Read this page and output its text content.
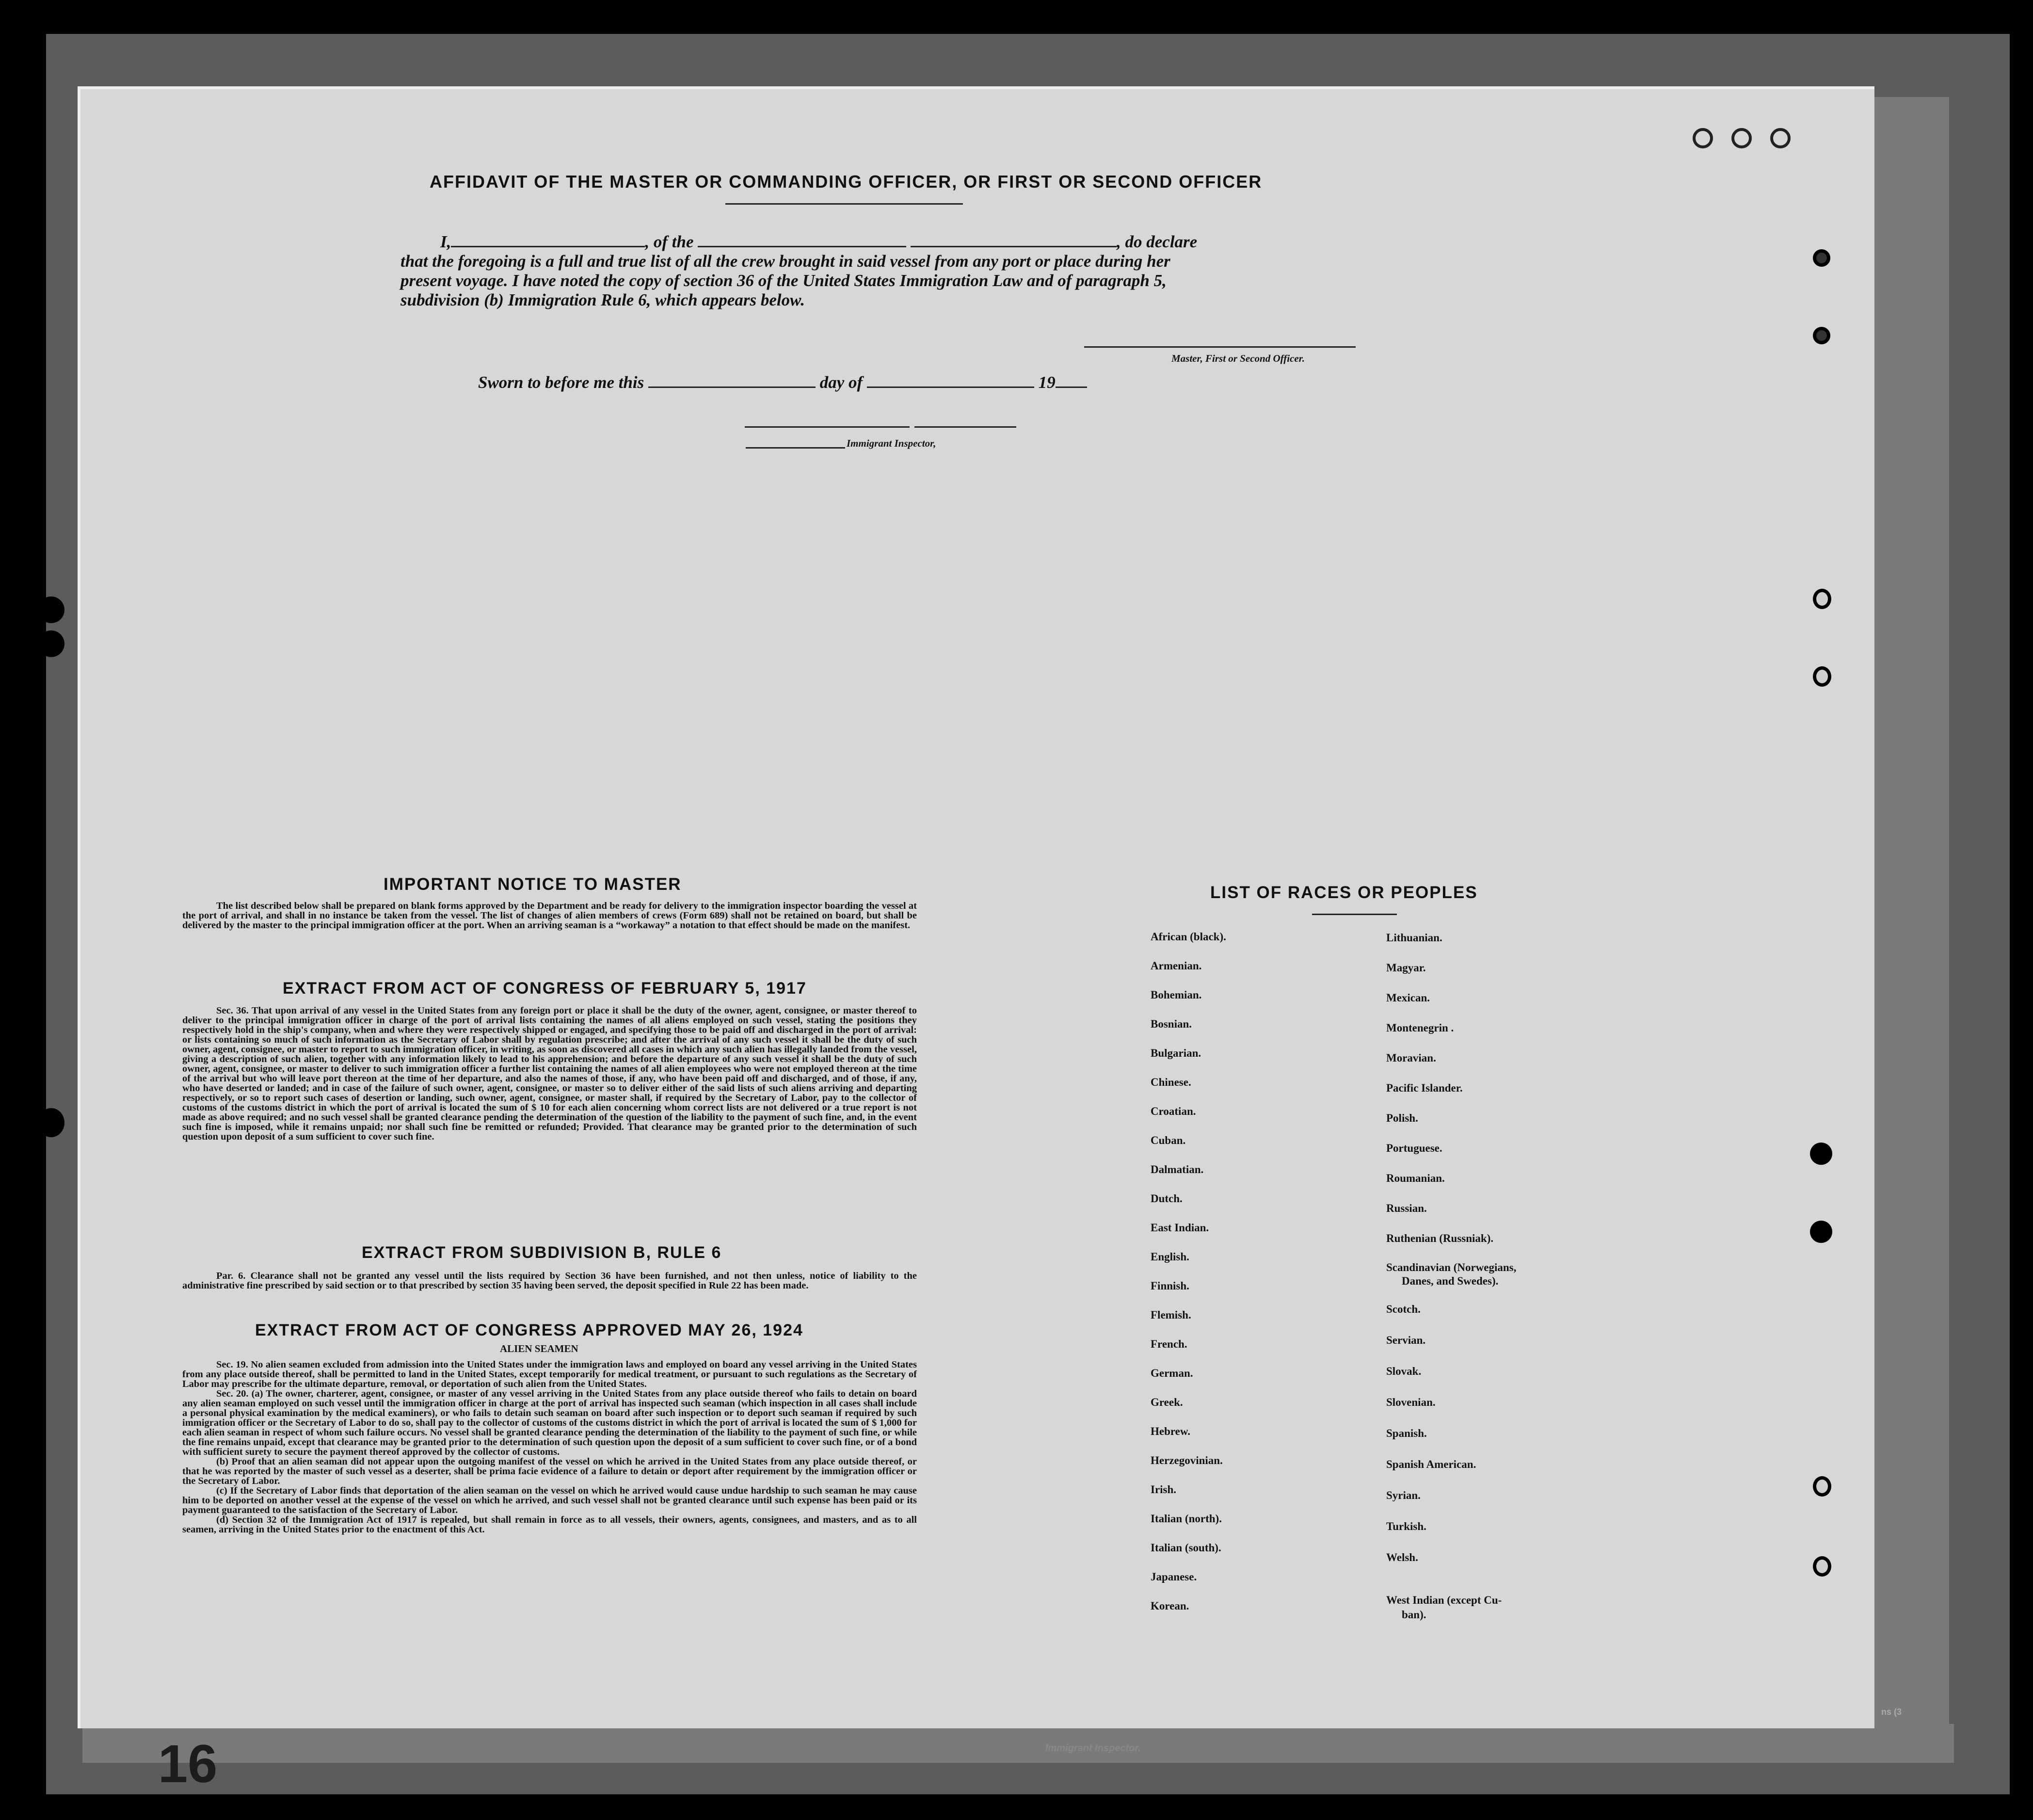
16
AFFIDAVIT OF THE MASTER OR COMMANDING OFFICER, OR FIRST OR SECOND OFFICER
I,	, of the	, do declare
that the foregoing is a full and true list of all the crew brought in said vessel from any port or place during her
present voyage. I have noted the copy of section 36 of the United States Immigration Law and of paragraph 5,
subdivision (b) Immigration Rule 6, which appears below.
Master, First or Second Officer.
Sworn to before me this	day of	19
Immigrant Inspector,
IMPORTANT NOTICE TO MASTER

The list described below shall be prepared on blank forms approved by the Department and be ready for delivery to the immigration inspector boarding the vessel at the port of arrival, and shall in no instance be taken from the vessel. The list of changes of alien members of crews (Form 689) shall not be retained on board, but shall be delivered by the master to the principal immigration officer at the port. When an arriving seaman is a “workaway” a notation to that effect should be made on the manifest.

EXTRACT FROM ACT OF CONGRESS OF FEBRUARY 5, 1917

Sec. 36. That upon arrival of any vessel in the United States from any foreign port or place it shall be the duty of the owner, agent, consignee, or master thereof to deliver to the principal immigration officer in charge of the port of arrival lists containing the names of all aliens employed on such vessel, stating the positions they respectively hold in the ship's company, when and where they were respectively shipped or engaged, and specifying those to be paid off and discharged in the port of arrival: or lists containing so much of such information as the Secretary of Labor shall by regulation prescribe; and after the arrival of any such vessel it shall be the duty of such owner, agent, consignee, or master to report to such immigration officer, in writing, as soon as discovered all cases in which any such alien has illegally landed from the vessel, giving a description of such alien, together with any information likely to lead to his apprehension; and before the departure of any such vessel it shall be the duty of such owner, agent, consignee, or master to deliver to such immigration officer a further list containing the names of all alien employees who were not employed thereon at the time of the arrival but who will leave port thereon at the time of her departure, and also the names of those, if any, who have been paid off and discharged, and of those, if any, who have deserted or landed; and in case of the failure of such owner, agent, consignee, or master so to deliver either of the said lists of such aliens arriving and departing respectively, or so to report such cases of desertion or landing, such owner, agent, consignee, or master shall, if required by the Secretary of Labor, pay to the collector of customs of the customs district in which the port of arrival is located the sum of $ 10 for each alien concerning whom correct lists are not delivered or a true report is not made as above required; and no such vessel shall be granted clearance pending the determination of the question of the liability to the payment of such fine, and, in the event such fine is imposed, while it remains unpaid; nor shall such fine be remitted or refunded; Provided. That clearance may be granted prior to the determination of such question upon deposit of a sum sufficient to cover such fine.

EXTRACT FROM SUBDIVISION B, RULE 6

Par. 6. Clearance shall not be granted any vessel until the lists required by Section 36 have been furnished, and not then unless, notice of liability to the administrative fine prescribed by said section or to that prescribed by section 35 having been served, the deposit specified in Rule 22 has been made.

EXTRACT FROM ACT OF CONGRESS APPROVED MAY 26, 1924
ALIEN SEAMEN

Sec. 19. No alien seamen excluded from admission into the United States under the immigration laws and employed on board any vessel arriving in the United States from any place outside thereof, shall be permitted to land in the United States, except temporarily for medical treatment, or pursuant to such regulations as the Secretary of Labor may prescribe for the ultimate departure, removal, or deportation of such alien from the United States.

Sec. 20. (a) The owner, charterer, agent, consignee, or master of any vessel arriving in the United States from any place outside thereof who fails to detain on board any alien seaman employed on such vessel until the immigration officer in charge at the port of arrival has inspected such seaman (which inspection in all cases shall include a personal physical examination by the medical examiners), or who fails to detain such seaman on board after such inspection or to deport such seaman if required by such immigration officer or the Secretary of Labor to do so, shall pay to the collector of customs of the customs district in which the port of arrival is located the sum of $ 1,000 for each alien seaman in respect of whom such failure occurs. No vessel shall be granted clearance pending the determination of the liability to the payment of such fine, or while the fine remains unpaid, except that clearance may be granted prior to the determination of such question upon the deposit of a sum sufficient to cover such fine, or of a bond with sufficient surety to secure the payment thereof approved by the collector of customs.

(b) Proof that an alien seaman did not appear upon the outgoing manifest of the vessel on which he arrived in the United States from any place outside thereof, or that he was reported by the master of such vessel as a deserter, shall be prima facie evidence of a failure to detain or deport after requirement by the immigration officer or the Secretary of Labor.

(c) If the Secretary of Labor finds that deportation of the alien seaman on the vessel on which he arrived would cause undue hardship to such seaman he may cause him to be deported on another vessel at the expense of the vessel on which he arrived, and such vessel shall not be granted clearance until such expense has been paid or its payment guaranteed to the satisfaction of the Secretary of Labor.

(d) Section 32 of the Immigration Act of 1917 is repealed, but shall remain in force as to all vessels, their owners, agents, consignees, and masters, and as to all seamen, arriving in the United States prior to the enactment of this Act.

LIST OF RACES OR PEOPLES
African (black).
Armenian.
Bohemian.
Bosnian.
Bulgarian.
Chinese.
Croatian.
Cuban.
Dalmatian.
Dutch.
East Indian.
English.
Finnish.
Flemish.
French.
German.
Greek.
Hebrew.
Herzegovinian.
Irish.
Italian (north).
Italian (south).
Japanese.
Korean.
Lithuanian.
Magyar.
Mexican.
Montenegrin .
Moravian.
Pacific Islander.
Polish.
Portuguese.
Roumanian.
Russian.
Ruthenian (Russniak).
Scandinavian (Norwegians,
Danes, and Swedes).
Scotch.
Servian.
Slovak.
Slovenian.
Spanish.
Spanish American.
Syrian.
Turkish.
Welsh.
West Indian (except Cu-
ban).
Immigrant Inspector.
ns (3
